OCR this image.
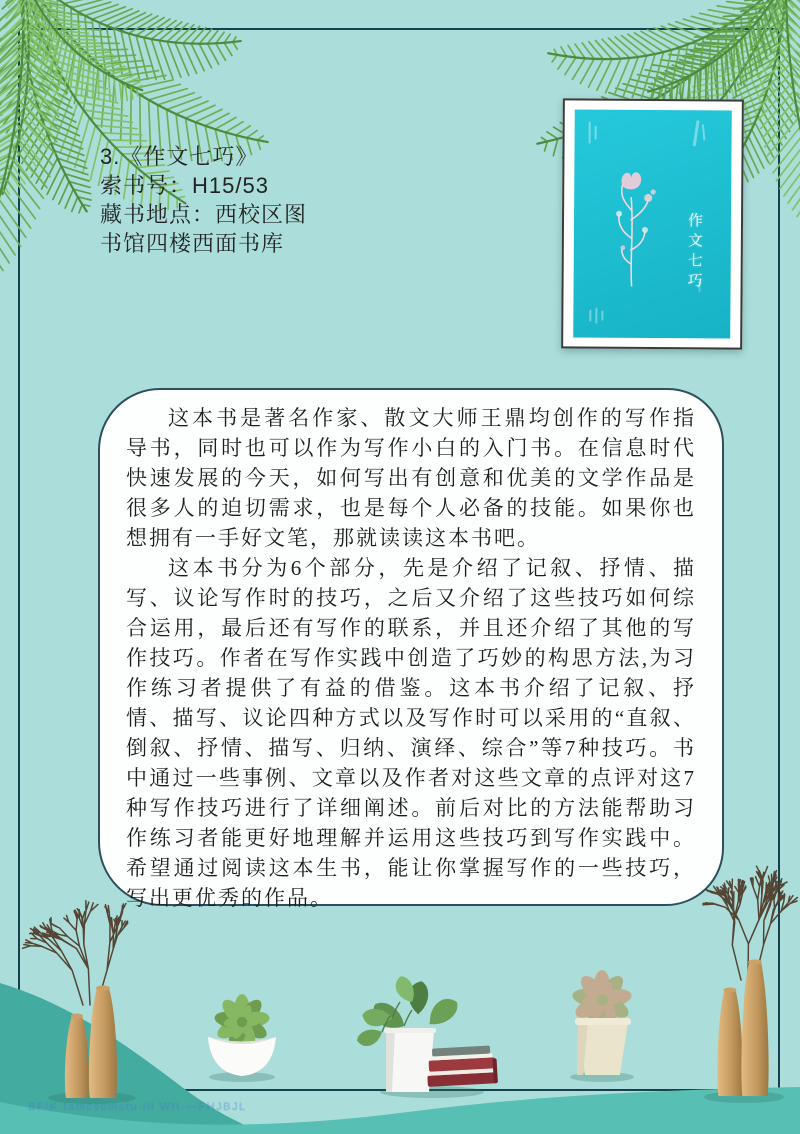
3.《作文七巧》
索书号：H15/53
藏书地点：西校区图
书馆四楼西面书库	作文七巧

这本书是著名作家、散文大师王鼎均创作的写作指导书，同时也可以作为写作小白的入门书。在信息时代快速发展的今天，如何写出有创意和优美的文学作品是很多人的迫切需求，也是每个人必备的技能。如果你也想拥有一手好文笔，那就读读这本书吧。

这本书分为6个部分，先是介绍了记叙、抒情、描写、议论写作时的技巧，之后又介绍了这些技巧如何综合运用，最后还有写作的联系，并且还介绍了其他的写作技巧。作者在写作实践中创造了巧妙的构思方法,为习作练习者提供了有益的借鉴。这本书介绍了记叙、抒情、描写、议论四种方式以及写作时可以采用的“直叙、倒叙、抒情、描写、归纳、演绎、综合”等7种技巧。书中通过一些事例、文章以及作者对这些文章的点评对这7种写作技巧进行了详细阐述。前后对比的方法能帮助习作练习者能更好地理解并运用这些技巧到写作实践中。希望通过阅读这本生书，能让你掌握写作的一些技巧，写出更优秀的作品。

BF/K·tamcsomctu·ill WH·—FHJBJL
